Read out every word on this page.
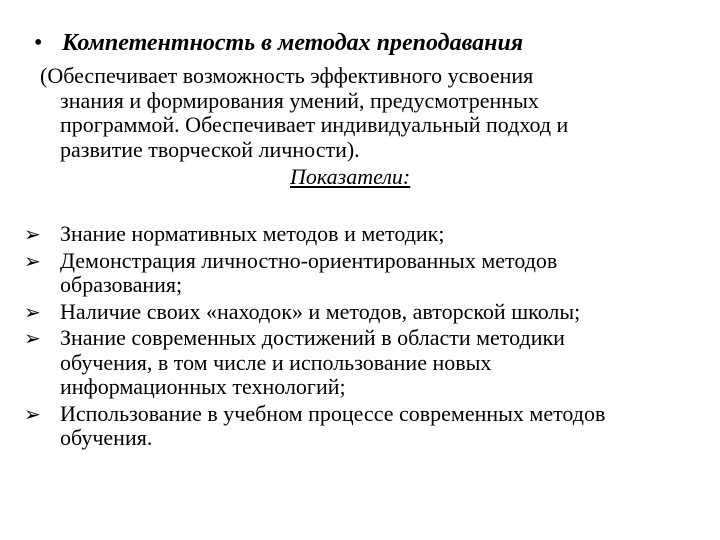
• Компетентность в методах преподавания
(Обеспечивает возможность эффективного усвоения
знания и формирования умений, предусмотренных
программой. Обеспечивает индивидуальный подход и
развитие творческой личности).
Показатели:
➢ Знание нормативных методов и методик;
➢ Демонстрация личностно-ориентированных методов
образования;
➢ Наличие своих «находок» и методов, авторской школы;
➢ Знание современных достижений в области методики
обучения, в том числе и использование новых
информационных технологий;
➢ Использование в учебном процессе современных методов
обучения.
